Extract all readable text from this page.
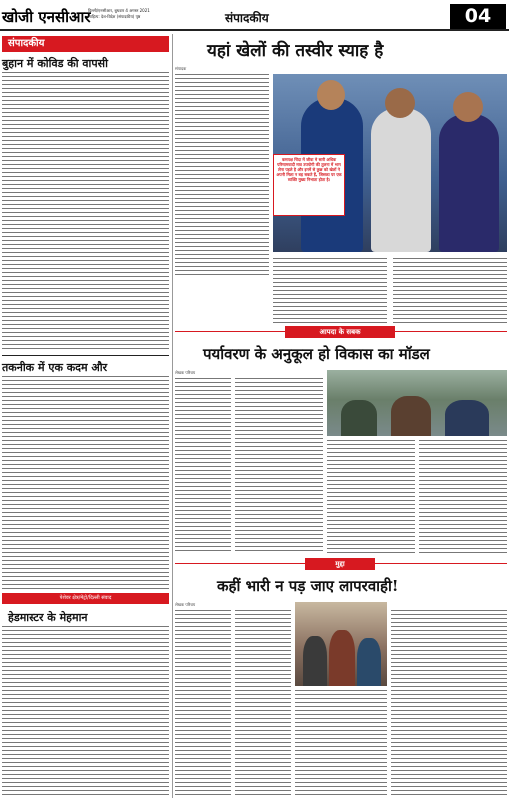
खोजी एनसीआर
दिल्ली/एनसीआर, बुधवार 4 अगस्त 2021
साहित्य: देश-विदेश (संपादकीय) पृष्ठ	संपादकीय	04
संपादकीय
बुहान में कोविड की वापसी
तकनीक में एक कदम और
पेशेवर क्षेत्र/मेट्रो/दिल्ली संवाद
हेडमास्टर के मेहमान
यहां खेलों की तस्वीर स्याह है
संपादक
कसपक्ष चिंदा में जीवा मे सारी अधिक परिणामवादी मात्र उपयोगी की तुलना में भाग लेना पहले है और इनमें से कुछ को खेलों ने अपनी मिला न बह सकते हैं, जिसका पर एक व्यक्ति मुख्य निभाता होता है।
आपदा के सबक
पर्यावरण के अनुकूल हो विकास का मॉडल
लेखक परिचय
मुद्दा
कहीं भारी न पड़ जाए लापरवाही!
लेखक परिचय
